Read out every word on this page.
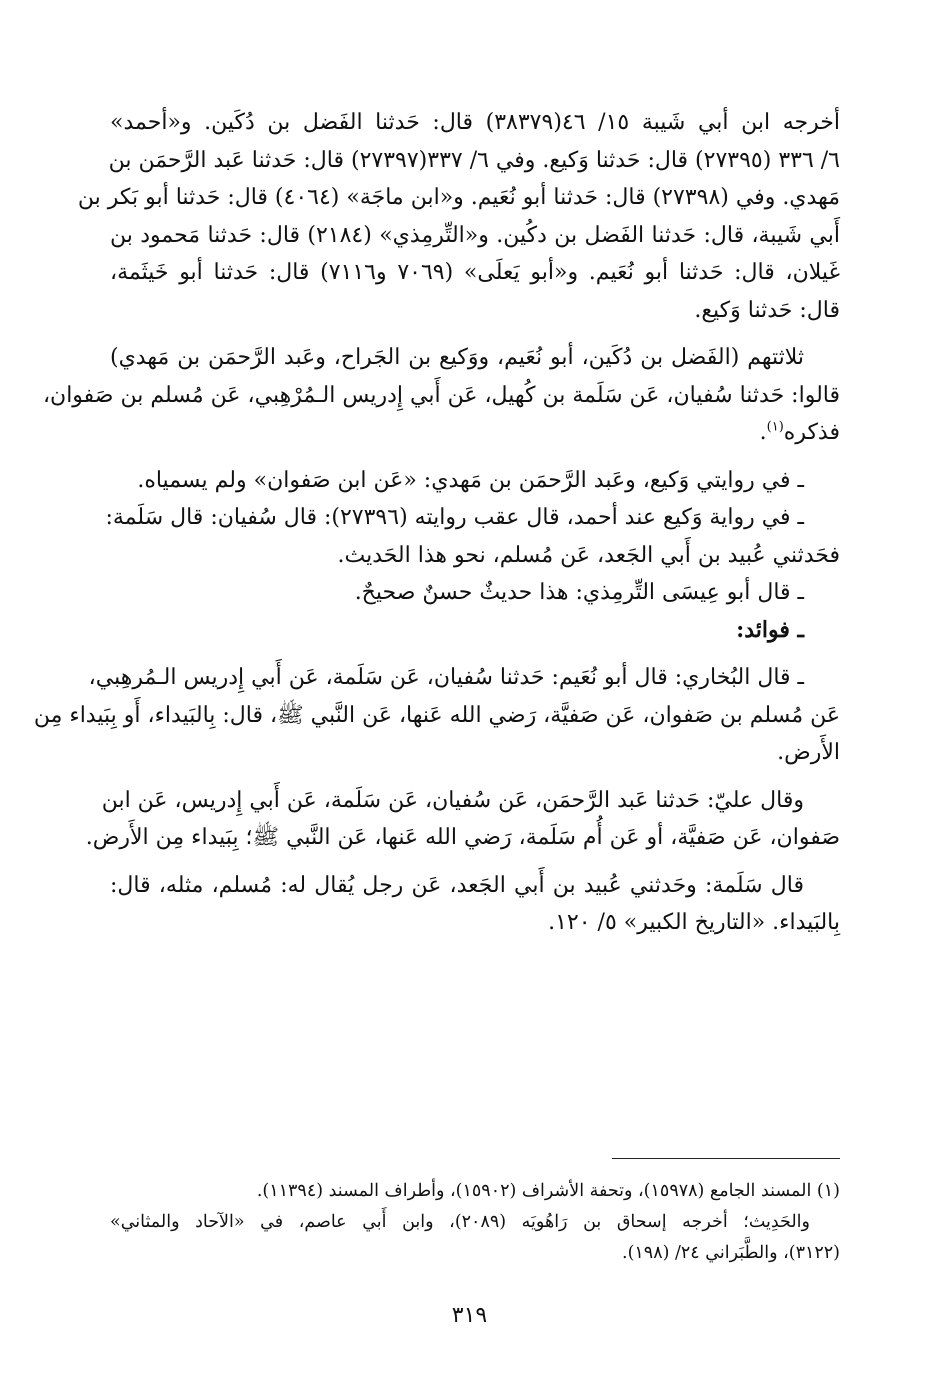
أخرجه ابن أبي شَيبة ١٥/ ٤٦(٣٨٣٧٩) قال: حَدثنا الفَضل بن دُكَين. و«أحمد»
٦/ ٣٣٦ (٢٧٣٩٥) قال: حَدثنا وَكيع. وفي ٦/ ٣٣٧(٢٧٣٩٧) قال: حَدثنا عَبد الرَّحمَن بن
مَهدي. وفي (٢٧٣٩٨) قال: حَدثنا أبو نُعَيم. و«ابن ماجَة» (٤٠٦٤) قال: حَدثنا أبو بَكر بن
أَبي شَيبة، قال: حَدثنا الفَضل بن دكُين. و«التِّرمِذي» (٢١٨٤) قال: حَدثنا مَحمود بن
غَيلان، قال: حَدثنا أبو نُعَيم. و«أبو يَعلَى» (٧٠٦٩ و٧١١٦) قال: حَدثنا أبو خَيثَمة،
قال: حَدثنا وَكيع.
ثلاثتهم (الفَضل بن دُكَين، أبو نُعَيم، ووَكيع بن الجَراح، وعَبد الرَّحمَن بن مَهدي)
قالوا: حَدثنا سُفيان، عَن سَلَمة بن كُهيل، عَن أَبي إِدريس الـمُرْهِبي، عَن مُسلم بن صَفوان،
فذكره$^{(١)}$.
ـ في روايتي وَكيع، وعَبد الرَّحمَن بن مَهدي: «عَن ابن صَفوان» ولم يسمياه.
ـ في رواية وَكيع عند أحمد، قال عقب روايته (٢٧٣٩٦): قال سُفيان: قال سَلَمة:
فحَدثني عُبيد بن أَبي الجَعد، عَن مُسلم، نحو هذا الحَديث.
ـ قال أبو عِيسَى التِّرمِذي: هذا حديثٌ حسنٌ صحيحٌ.
ـ فوائد:
ـ قال البُخاري: قال أبو نُعَيم: حَدثنا سُفيان، عَن سَلَمة، عَن أَبي إِدريس الـمُرهِبي،
عَن مُسلم بن صَفوان، عَن صَفيَّة، رَضي الله عَنها، عَن النَّبي ﷺ، قال: بِالبَيداء، أَو بِبَيداء مِن
الأَرض.
وقال عليّ: حَدثنا عَبد الرَّحمَن، عَن سُفيان، عَن سَلَمة، عَن أَبي إِدريس، عَن ابن
صَفوان، عَن صَفيَّة، أو عَن أُم سَلَمة، رَضي الله عَنها، عَن النَّبي ﷺ؛ بِبَيداء مِن الأَرض.
قال سَلَمة: وحَدثني عُبيد بن أَبي الجَعد، عَن رجل يُقال له: مُسلم، مثله، قال:
بِالبَيداء. «التاريخ الكبير» ٥/ ١٢٠.
(١) المسند الجامع (١٥٩٧٨)، وتحفة الأشراف (١٥٩٠٢)، وأطراف المسند (١١٣٩٤).
والحَدِيث؛ أخرجه إسحاق بن رَاهُويَه (٢٠٨٩)، وابن أَبي عاصم، في «الآحاد والمثاني»
(٣١٢٢)، والطَّبَراني ٢٤/ (١٩٨).
٣١٩
